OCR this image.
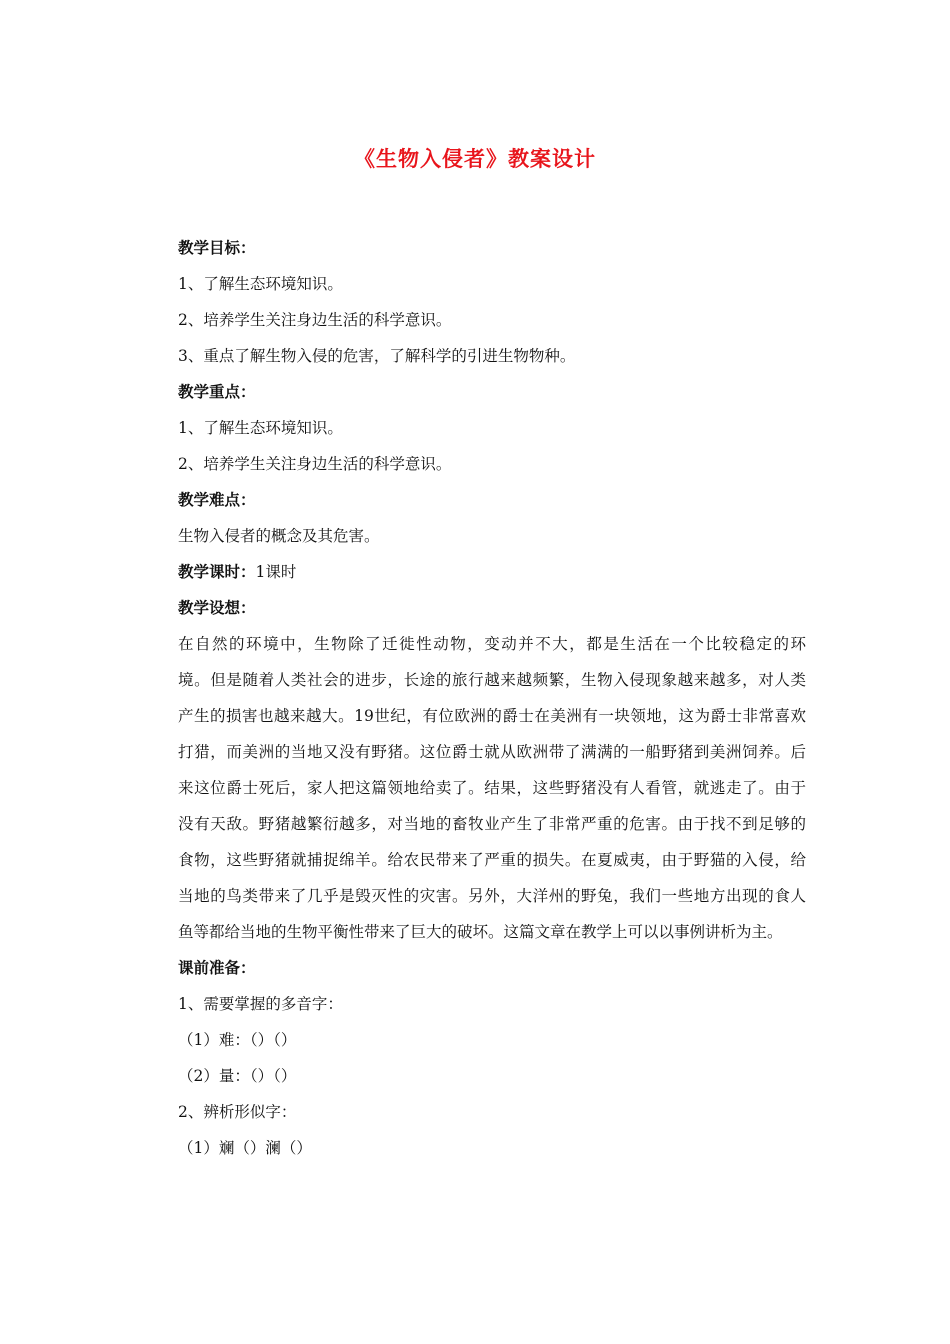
《生物入侵者》教案设计
教学目标：
1、了解生态环境知识。
2、培养学生关注身边生活的科学意识。
3、重点了解生物入侵的危害，了解科学的引进生物物种。
教学重点：
1、了解生态环境知识。
2、培养学生关注身边生活的科学意识。
教学难点：
生物入侵者的概念及其危害。
教学课时：1课时
教学设想：
在自然的环境中，生物除了迁徙性动物，变动并不大，都是生活在一个比较稳定的环
境。但是随着人类社会的进步，长途的旅行越来越频繁，生物入侵现象越来越多，对人类
产生的损害也越来越大。19世纪，有位欧洲的爵士在美洲有一块领地，这为爵士非常喜欢
打猎，而美洲的当地又没有野猪。这位爵士就从欧洲带了满满的一船野猪到美洲饲养。后
来这位爵士死后，家人把这篇领地给卖了。结果，这些野猪没有人看管，就逃走了。由于
没有天敌。野猪越繁衍越多，对当地的畜牧业产生了非常严重的危害。由于找不到足够的
食物，这些野猪就捕捉绵羊。给农民带来了严重的损失。在夏威夷，由于野猫的入侵，给
当地的鸟类带来了几乎是毁灭性的灾害。另外，大洋州的野兔，我们一些地方出现的食人
鱼等都给当地的生物平衡性带来了巨大的破坏。这篇文章在教学上可以以事例讲析为主。
课前准备：
1、需要掌握的多音字：
（1）难：（）（）
（2）量：（）（）
2、辨析形似字：
（1）斓（）澜（）
